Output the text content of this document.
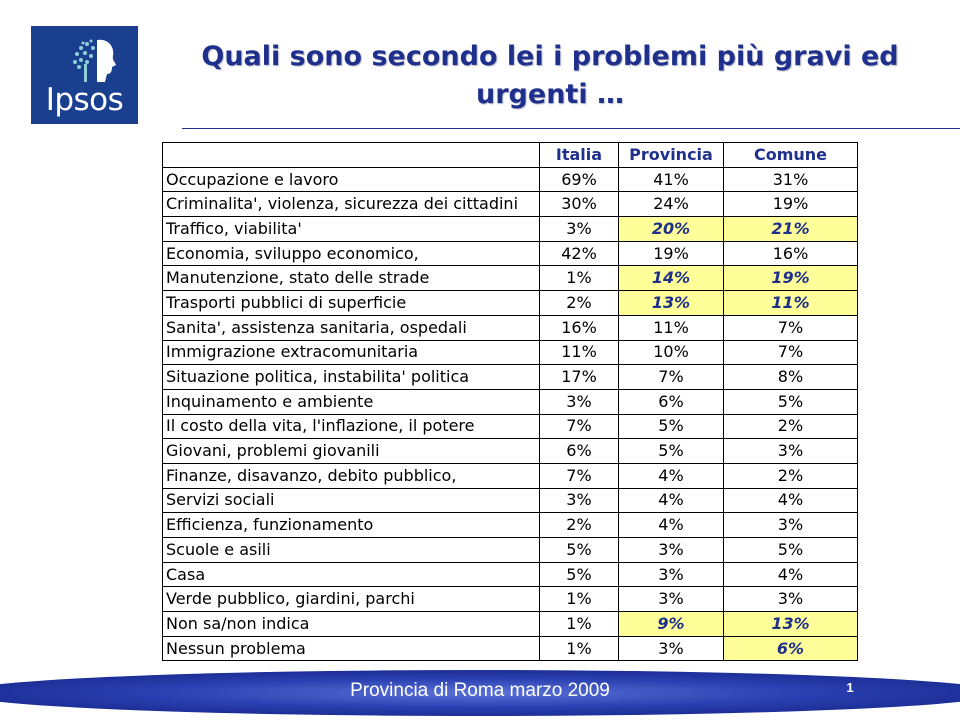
Ipsos
Quali sono secondo lei i problemi più gravi ed urgenti …
	Italia	Provincia	Comune
Occupazione e lavoro	69%	41%	31%
Criminalita', violenza, sicurezza dei cittadini	30%	24%	19%
Traffico, viabilita'	3%	20%	21%
Economia, sviluppo economico,	42%	19%	16%
Manutenzione, stato delle strade	1%	14%	19%
Trasporti pubblici di superficie	2%	13%	11%
Sanita', assistenza sanitaria, ospedali	16%	11%	7%
Immigrazione extracomunitaria	11%	10%	7%
Situazione politica, instabilita' politica	17%	7%	8%
Inquinamento e ambiente	3%	6%	5%
Il costo della vita, l'inflazione, il potere	7%	5%	2%
Giovani, problemi giovanili	6%	5%	3%
Finanze, disavanzo, debito pubblico,	7%	4%	2%
Servizi sociali	3%	4%	4%
Efficienza, funzionamento	2%	4%	3%
Scuole e asili	5%	3%	5%
Casa	5%	3%	4%
Verde pubblico, giardini, parchi	1%	3%	3%
Non sa/non indica	1%	9%	13%
Nessun problema	1%	3%	6%
Provincia di Roma marzo 2009	1
